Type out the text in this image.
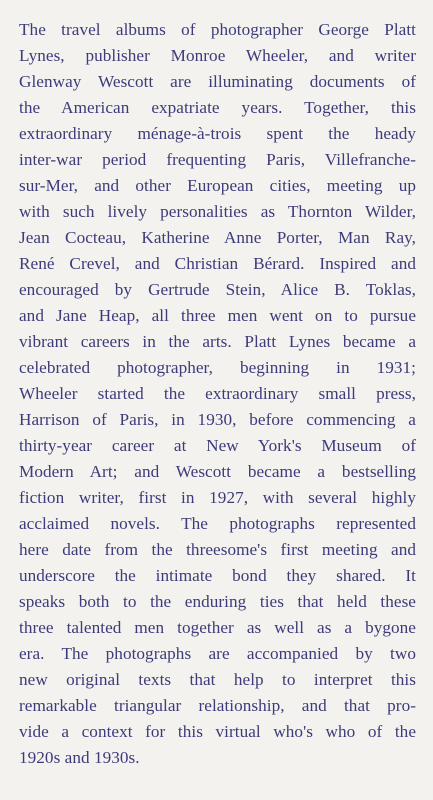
The travel albums of photographer George Platt
Lynes, publisher Monroe Wheeler, and writer
Glenway Wescott are illuminating documents of
the American expatriate years. Together, this
extraordinary ménage-à-trois spent the heady
inter-war period frequenting Paris, Villefranche-
sur-Mer, and other European cities, meeting up
with such lively personalities as Thornton Wilder,
Jean Cocteau, Katherine Anne Porter, Man Ray,
René Crevel, and Christian Bérard. Inspired and
encouraged by Gertrude Stein, Alice B. Toklas,
and Jane Heap, all three men went on to pursue
vibrant careers in the arts. Platt Lynes became a
celebrated photographer, beginning in 1931;
Wheeler started the extraordinary small press,
Harrison of Paris, in 1930, before commencing a
thirty-year career at New York's Museum of
Modern Art; and Wescott became a bestselling
fiction writer, first in 1927, with several highly
acclaimed novels. The photographs represented
here date from the threesome's first meeting and
underscore the intimate bond they shared. It
speaks both to the enduring ties that held these
three talented men together as well as a bygone
era. The photographs are accompanied by two
new original texts that help to interpret this
remarkable triangular relationship, and that pro-
vide a context for this virtual who's who of the
1920s and 1930s.
